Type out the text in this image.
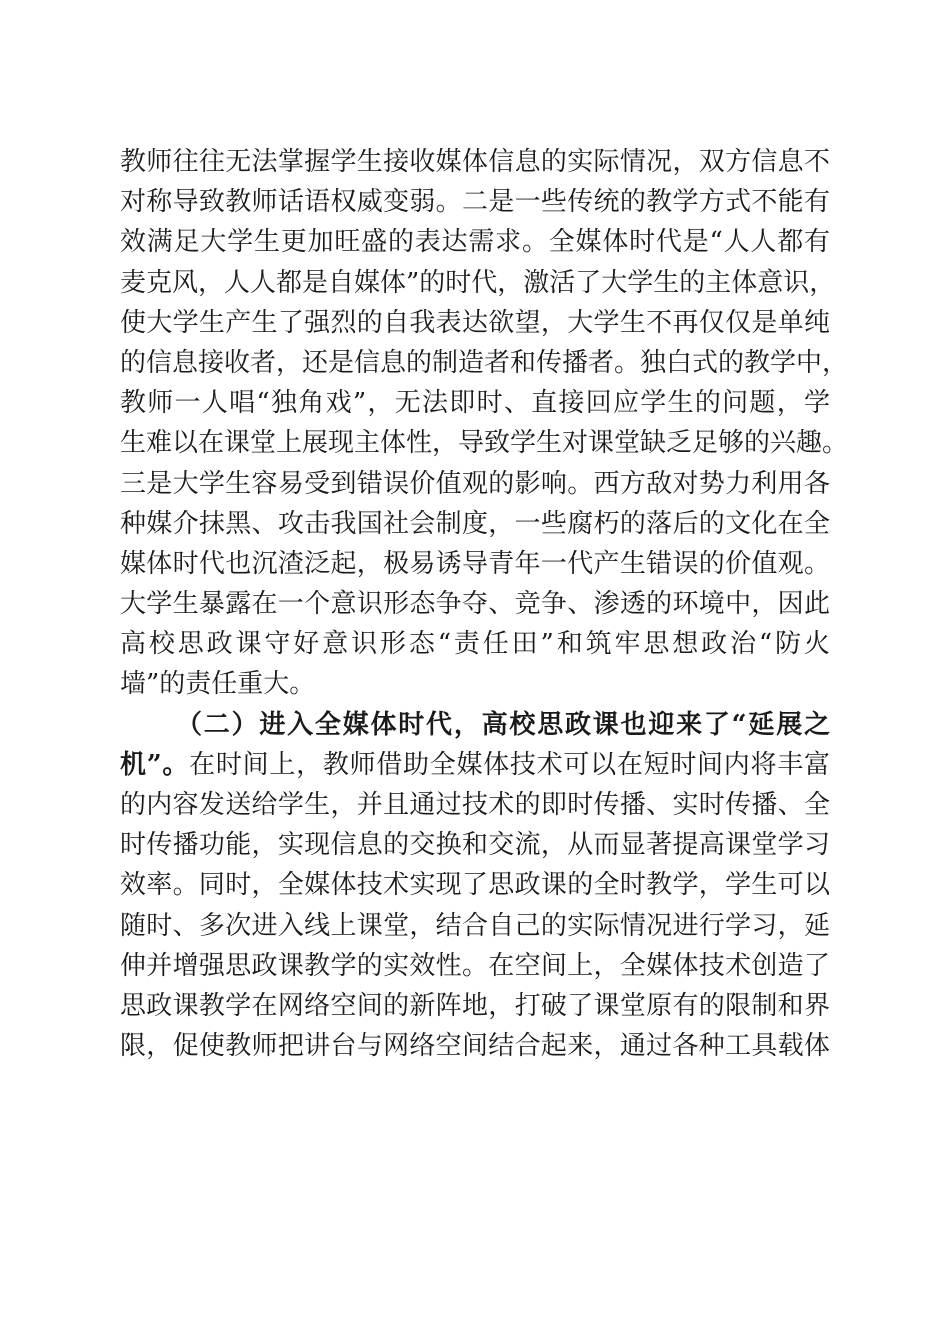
教师往往无法掌握学生接收媒体信息的实际情况，双方信息不
对称导致教师话语权威变弱。二是一些传统的教学方式不能有
效满足大学生更加旺盛的表达需求。全媒体时代是“人人都有
麦克风，人人都是自媒体”的时代，激活了大学生的主体意识，
使大学生产生了强烈的自我表达欲望，大学生不再仅仅是单纯
的信息接收者，还是信息的制造者和传播者。独白式的教学中，
教师一人唱“独角戏”，无法即时、直接回应学生的问题，学
生难以在课堂上展现主体性，导致学生对课堂缺乏足够的兴趣。
三是大学生容易受到错误价值观的影响。西方敌对势力利用各
种媒介抹黑、攻击我国社会制度，一些腐朽的落后的文化在全
媒体时代也沉渣泛起，极易诱导青年一代产生错误的价值观。
大学生暴露在一个意识形态争夺、竞争、渗透的环境中，因此
高校思政课守好意识形态“责任田”和筑牢思想政治“防火
墙”的责任重大。
（二）进入全媒体时代，高校思政课也迎来了“延展之
机”。在时间上，教师借助全媒体技术可以在短时间内将丰富
的内容发送给学生，并且通过技术的即时传播、实时传播、全
时传播功能，实现信息的交换和交流，从而显著提高课堂学习
效率。同时，全媒体技术实现了思政课的全时教学，学生可以
随时、多次进入线上课堂，结合自己的实际情况进行学习，延
伸并增强思政课教学的实效性。在空间上，全媒体技术创造了
思政课教学在网络空间的新阵地，打破了课堂原有的限制和界
限，促使教师把讲台与网络空间结合起来，通过各种工具载体
